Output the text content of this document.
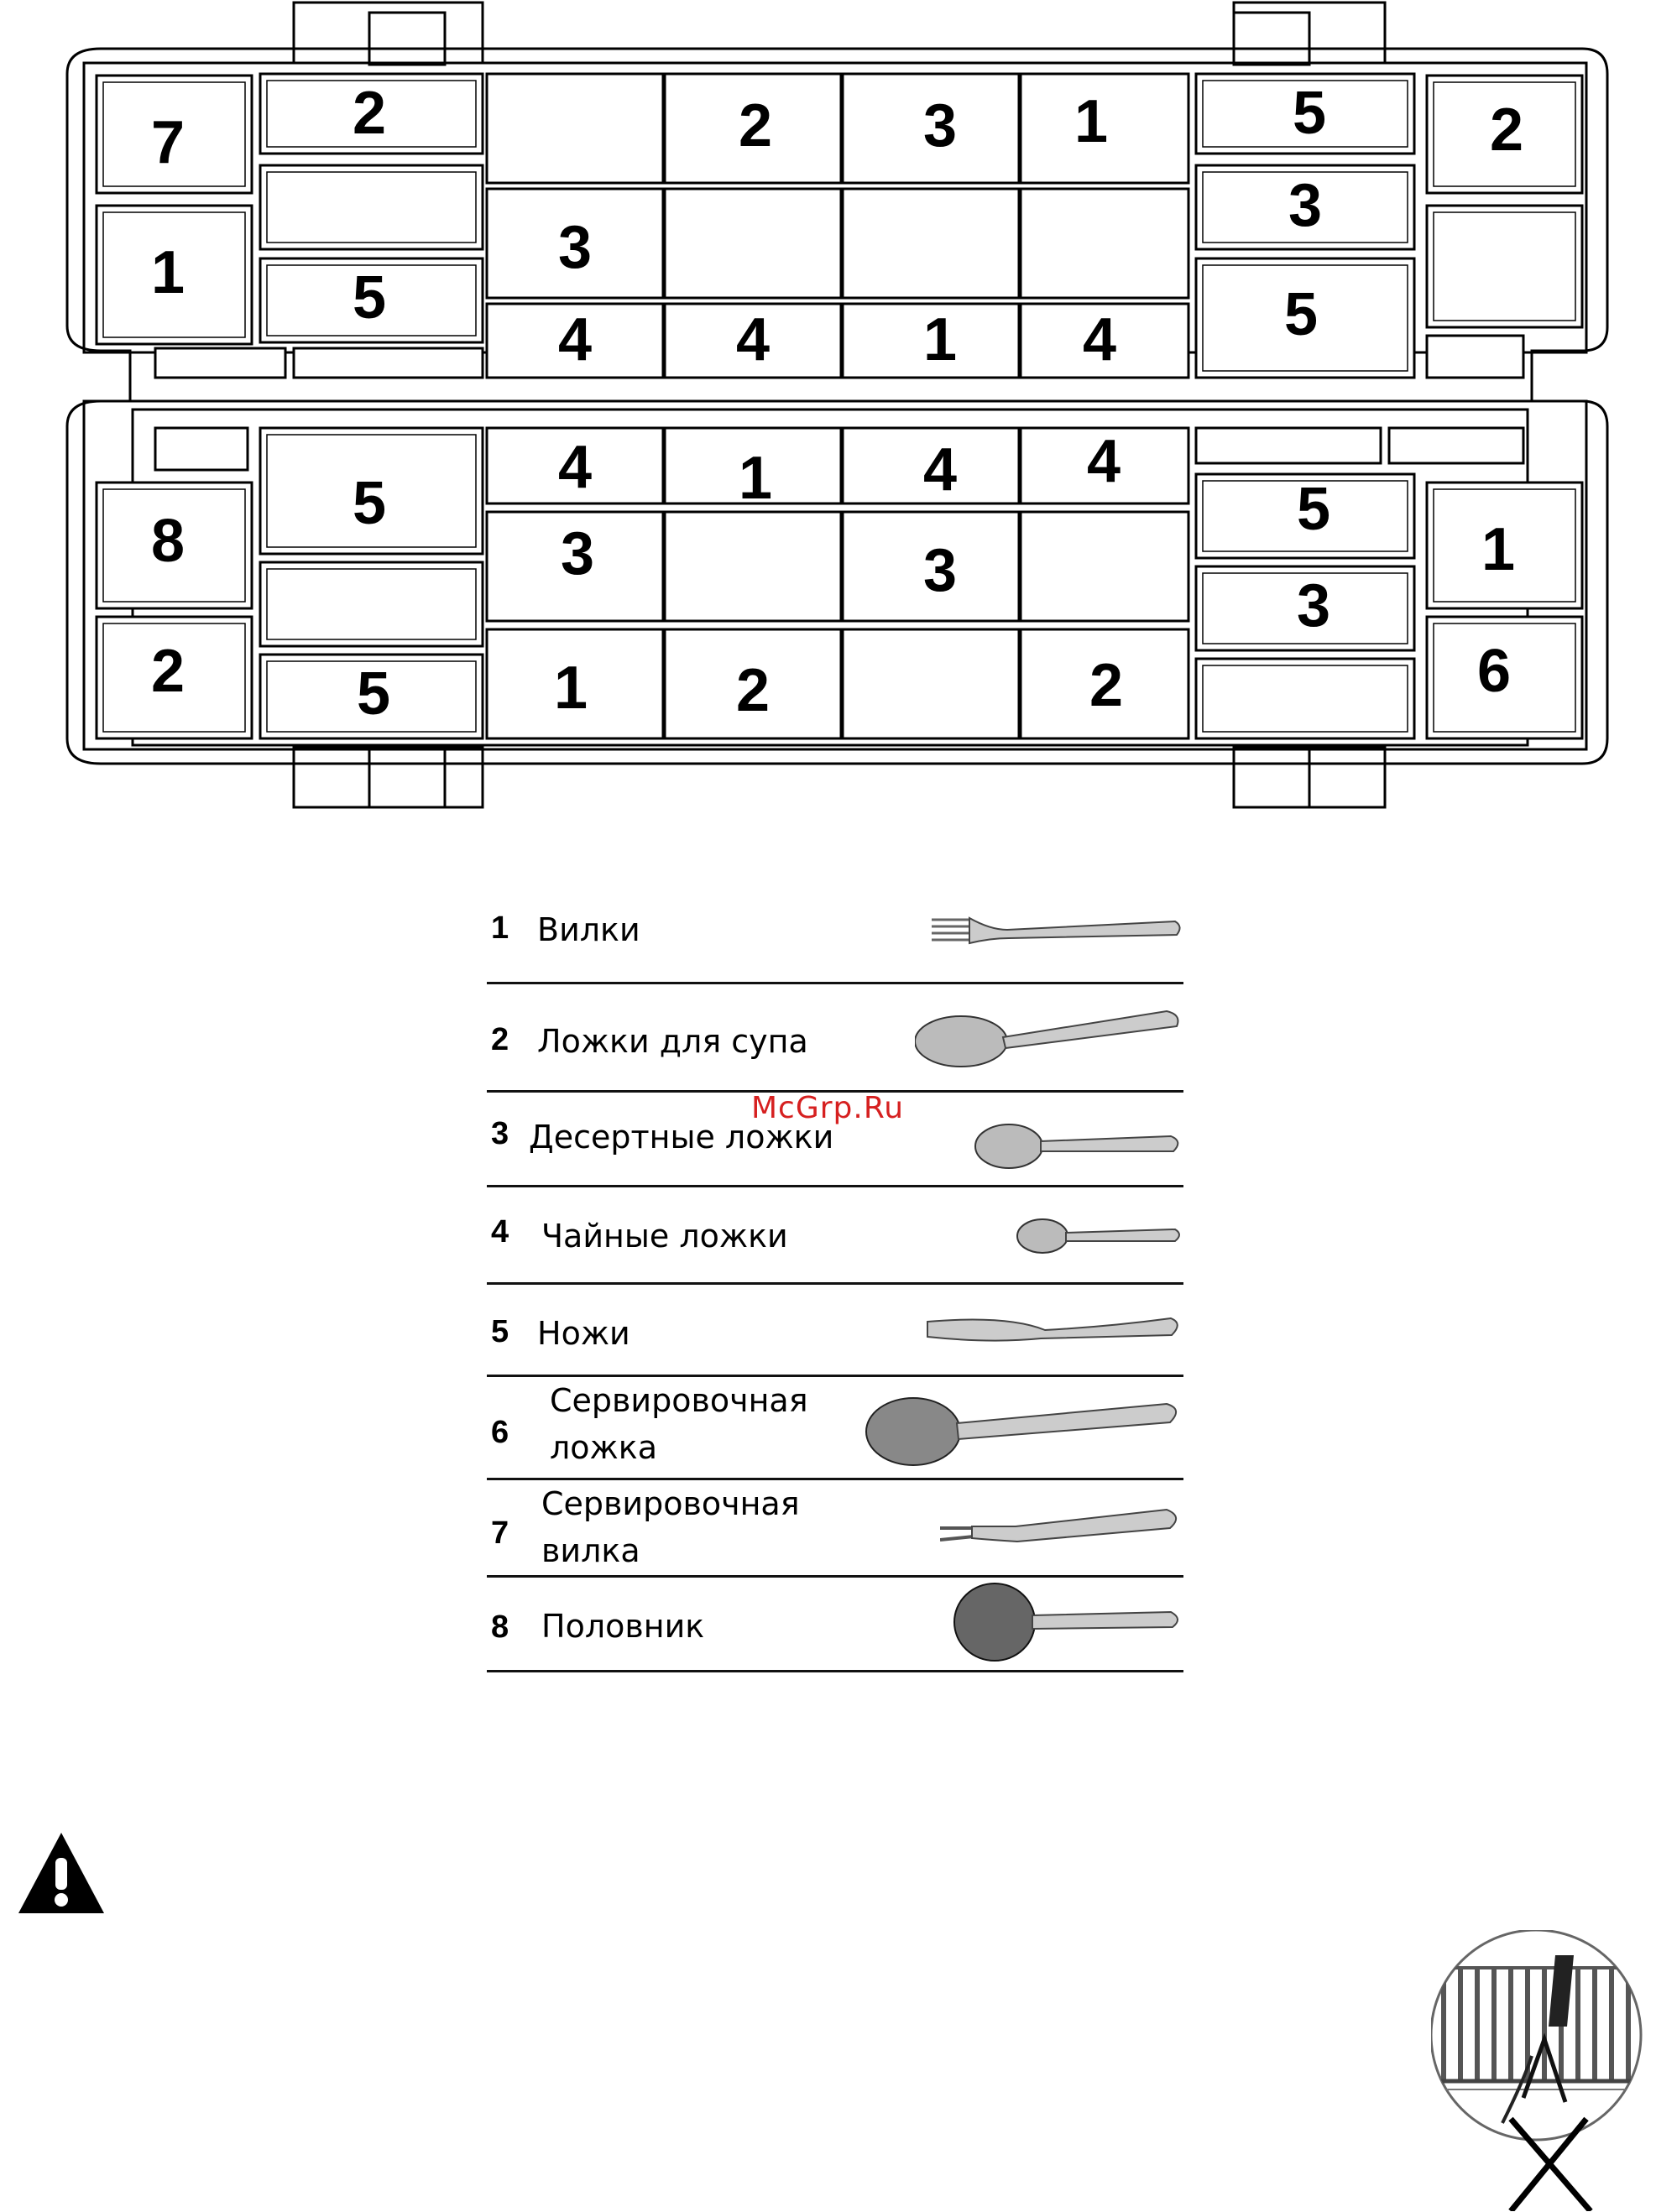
7	2	2 3 1	5	2
1	5
3
4 4	1 4
3
5
8
5
4 1 4 4
5
1
3	3
3
2	5	1 2	2	6
1 Вилки
2 Ложки для супа
3 Десертные ложки
4 Чайные ложки
5 Ножи
6
Сервировочная
ложка
7
Сервировочная
вилка
8 Половник
McGrp.Ru
